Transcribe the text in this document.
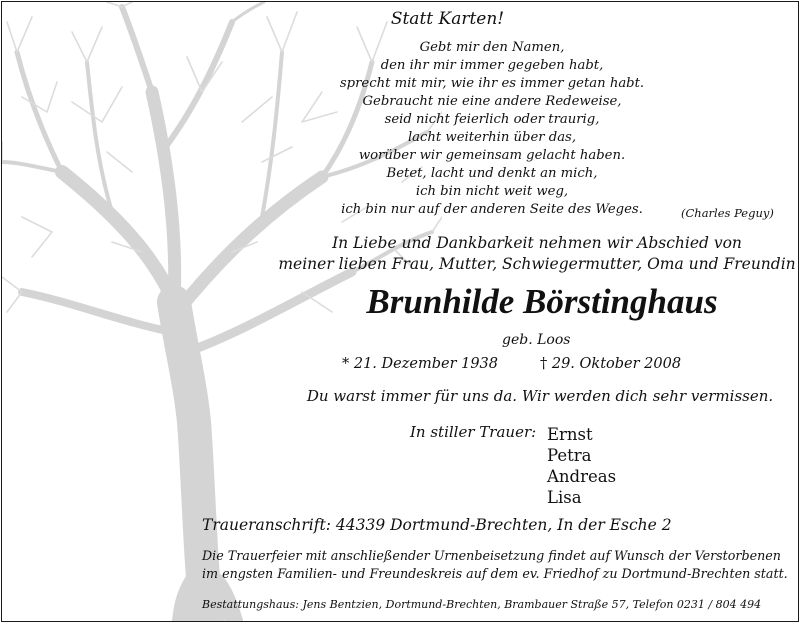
Statt Karten!
Gebt mir den Namen,
den ihr mir immer gegeben habt,
sprecht mit mir, wie ihr es immer getan habt.
Gebraucht nie eine andere Redeweise,
seid nicht feierlich oder traurig,
lacht weiterhin über das,
worüber wir gemeinsam gelacht haben.
Betet, lacht und denkt an mich,
ich bin nicht weit weg,
ich bin nur auf der anderen Seite des Weges.	(Charles Peguy)
In Liebe und Dankbarkeit nehmen wir Abschied von
meiner lieben Frau, Mutter, Schwiegermutter, Oma und Freundin
Brunhilde Börstinghaus
geb. Loos
* 21. Dezember 1938	† 29. Oktober 2008
Du warst immer für uns da. Wir werden dich sehr vermissen.
In stiller Trauer: Ernst
Petra
Andreas
Lisa
Traueranschrift: 44339 Dortmund-Brechten, In der Esche 2
Die Trauerfeier mit anschließender Urnenbeisetzung findet auf Wunsch der Verstorbenen
im engsten Familien- und Freundeskreis auf dem ev. Friedhof zu Dortmund-Brechten statt.
Bestattungshaus: Jens Bentzien, Dortmund-Brechten, Brambauer Straße 57, Telefon 0231 / 804 494
